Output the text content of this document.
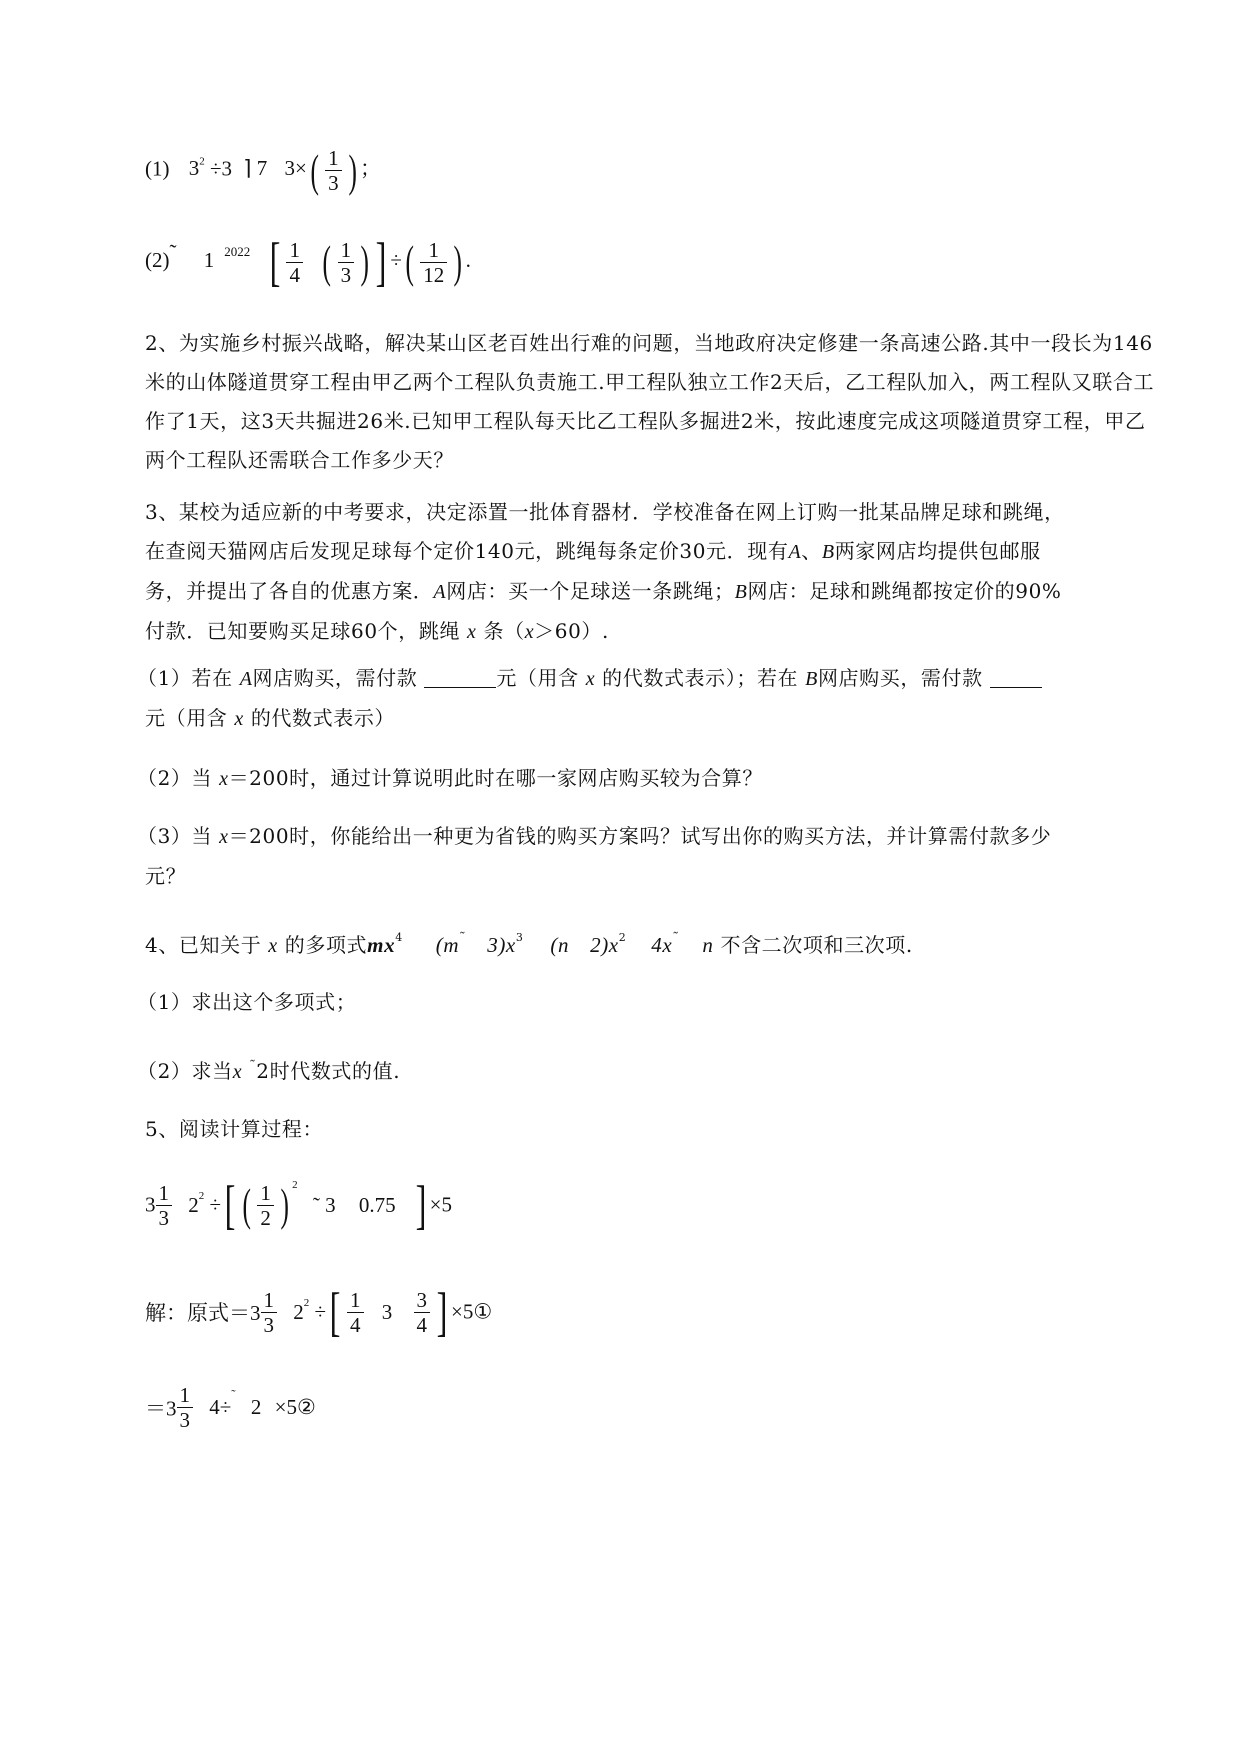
(1) $3^2 \div 3$ ⌉ 7 $3\times( \frac{1}{3}$ ) ；
(2)˜ 1 $^{2022}$ [ $\frac{1}{4}$ ( $\frac{1}{3}$ ) ] ÷( $\frac{1}{12}$ ) .
2、为实施乡村振兴战略，解决某山区老百姓出行难的问题，当地政府决定修建一条高速公路.其中一段长为146米的山体隧道贯穿工程由甲乙两个工程队负责施工.甲工程队独立工作2天后，乙工程队加入，两工程队又联合工作了1天，这3天共掘进26米.已知甲工程队每天比乙工程队多掘进2米，按此速度完成这项隧道贯穿工程，甲乙两个工程队还需联合工作多少天？
3、某校为适应新的中考要求，决定添置一批体育器材．学校准备在网上订购一批某品牌足球和跳绳，
在查阅天猫网店后发现足球每个定价140元，跳绳每条定价30元．现有A、B两家网店均提供包邮服
务，并提出了各自的优惠方案．A网店：买一个足球送一条跳绳；B网店：足球和跳绳都按定价的90%
付款．已知要购买足球60个，跳绳 x 条（x＞60）.
（1）若在 A网店购买，需付款	元（用含 x 的代数式表示）；若在 B网店购买，需付款
元（用含 x 的代数式表示）
（2）当 x＝200时，通过计算说明此时在哪一家网店购买较为合算？
（3）当 x＝200时，你能给出一种更为省钱的购买方案吗？试写出你的购买方法，并计算需付款多少
元？
4、已知关于 x 的多项式$mx^4$ (m˜ $3)x^3$ (n $2)x^2$ 4x˜ n 不含二次项和三次项.
（1）求出这个多项式；
（2）求当x ˜2时代数式的值.
5、阅读计算过程：
$3 \frac{1}{3} 2^2$ ÷[ ( $\frac{1}{2}$ ) $^2$ ˜ 3 0.75 ] ×5
解：原式$=3 \frac{1}{3} 2^2$ ÷[ $\frac{1}{4} 3 \frac{3}{4}$ ] ×5①
$=3 \frac{1}{3} 4\div^˜$ 2 ×5②
